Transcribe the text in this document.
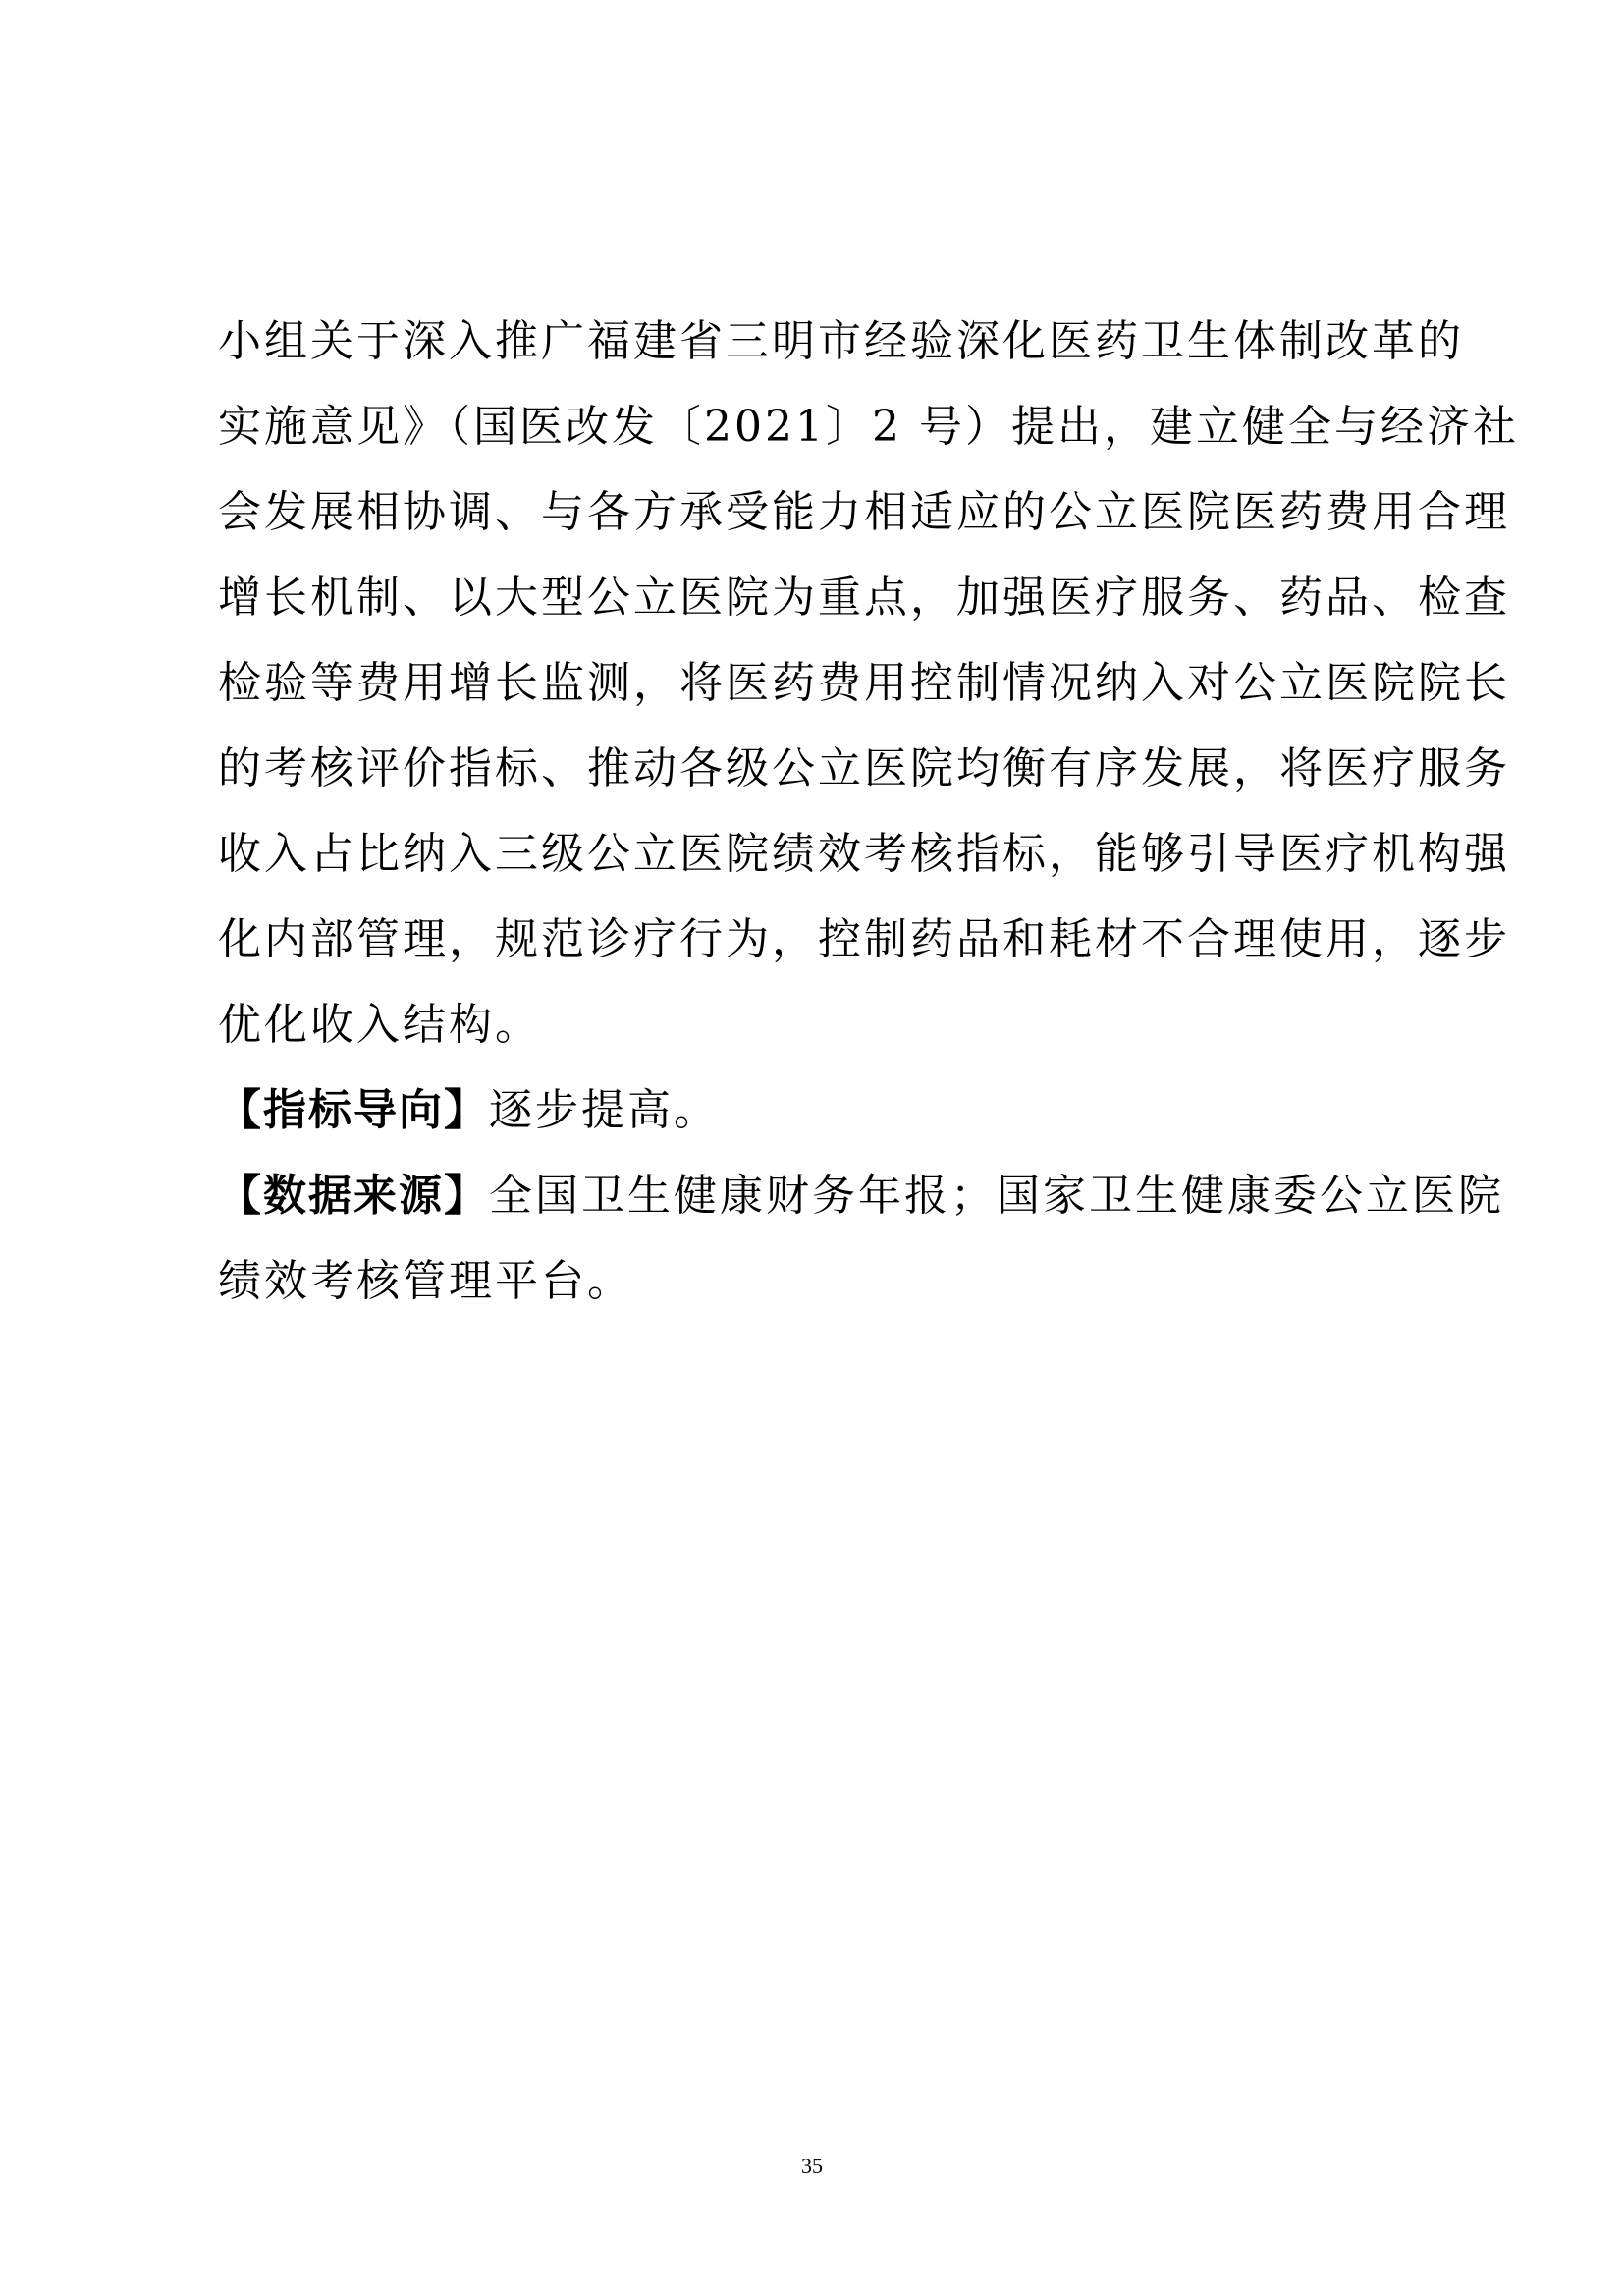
小组关于深入推广福建省三明市经验深化医药卫生体制改革的
实施意见》（国医改发〔2021〕2 号）提出，建立健全与经济社
会发展相协调、与各方承受能力相适应的公立医院医药费用合理
增长机制、以大型公立医院为重点，加强医疗服务、药品、检查
检验等费用增长监测，将医药费用控制情况纳入对公立医院院长
的考核评价指标、推动各级公立医院均衡有序发展，将医疗服务
收入占比纳入三级公立医院绩效考核指标，能够引导医疗机构强
化内部管理，规范诊疗行为，控制药品和耗材不合理使用，逐步
优化收入结构。
【指标导向】逐步提高。
【数据来源】全国卫生健康财务年报；国家卫生健康委公立医院
绩效考核管理平台。
35
